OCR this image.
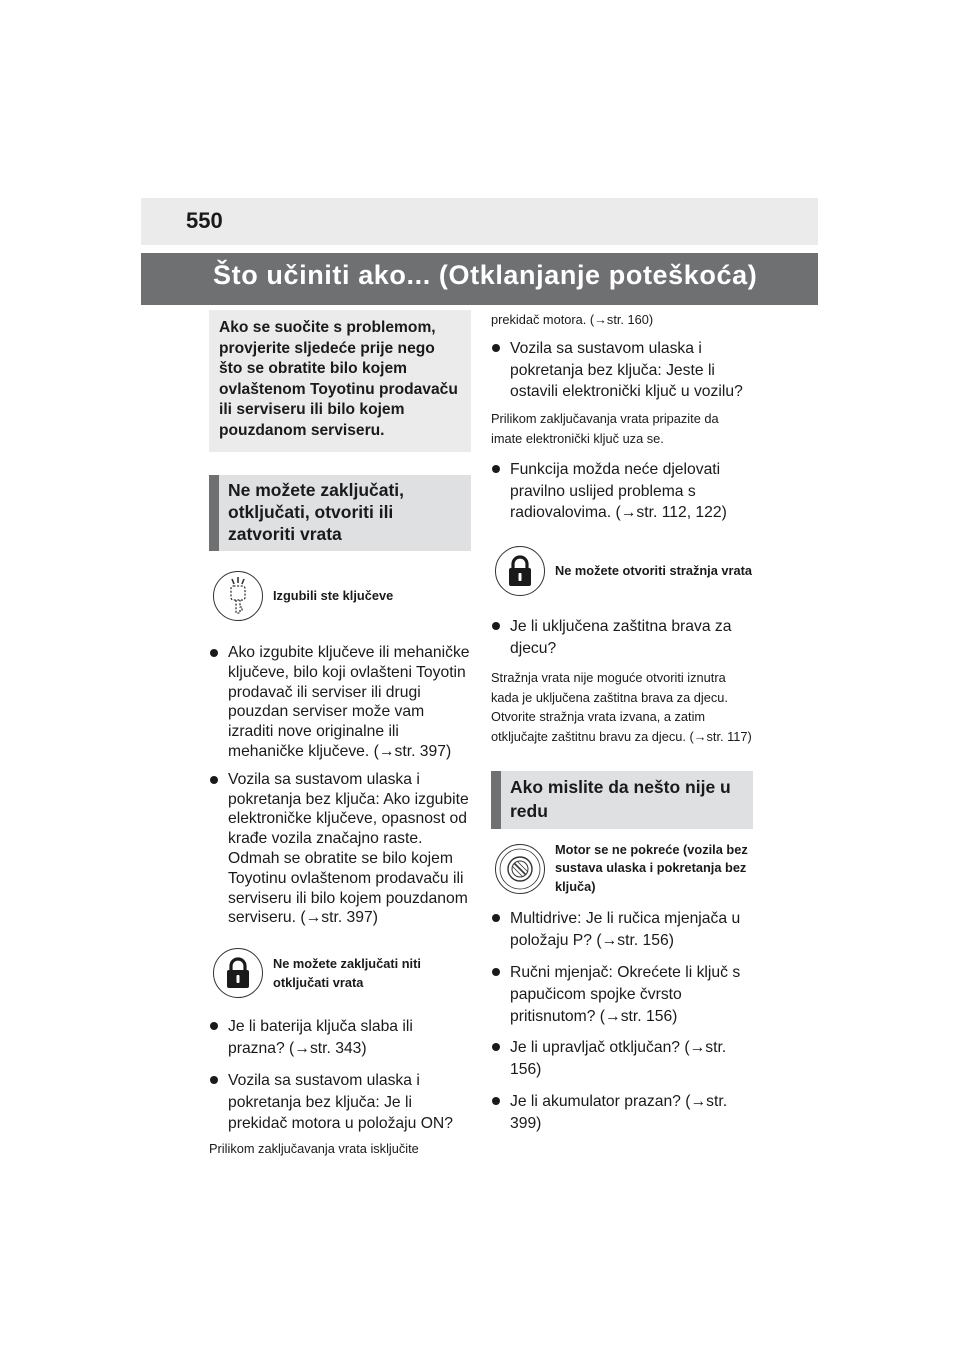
550
Što učiniti ako... (Otklanjanje poteškoća)
Ako se suočite s problemom, provjerite sljedeće prije nego što se obratite bilo kojem ovlaštenom Toyotinu prodavaču ili serviseru ili bilo kojem pouzdanom serviseru.
Ne možete zaključati, otključati, otvoriti ili zatvoriti vrata
Izgubili ste ključeve
Ako izgubite ključeve ili mehaničke ključeve, bilo koji ovlašteni Toyotin prodavač ili serviser ili drugi pouzdan serviser može vam izraditi nove originalne ili mehaničke ključeve. (→str. 397)
Vozila sa sustavom ulaska i pokretanja bez ključa: Ako izgubite elektroničke ključeve, opasnost od krađe vozila značajno raste. Odmah se obratite se bilo kojem Toyotinu ovlaštenom prodavaču ili serviseru ili bilo kojem pouzdanom serviseru. (→str. 397)
Ne možete zaključati niti otključati vrata
Je li baterija ključa slaba ili prazna? (→str. 343)
Vozila sa sustavom ulaska i pokretanja bez ključa: Je li prekidač motora u položaju ON?
Prilikom zaključavanja vrata isključite
prekidač motora. (→str. 160)
Vozila sa sustavom ulaska i pokretanja bez ključa: Jeste li ostavili elektronički ključ u vozilu?
Prilikom zaključavanja vrata pripazite da imate elektronički ključ uza se.
Funkcija možda neće djelovati pravilno uslijed problema s radiovalovima. (→str. 112, 122)
Ne možete otvoriti stražnja vrata
Je li uključena zaštitna brava za djecu?
Stražnja vrata nije moguće otvoriti iznutra kada je uključena zaštitna brava za djecu. Otvorite stražnja vrata izvana, a zatim otključajte zaštitnu bravu za djecu. (→str. 117)
Ako mislite da nešto nije u redu
Motor se ne pokreće (vozila bez sustava ulaska i pokretanja bez ključa)
Multidrive: Je li ručica mjenjača u položaju P? (→str. 156)
Ručni mjenjač: Okrećete li ključ s papučicom spojke čvrsto pritisnutom? (→str. 156)
Je li upravljač otključan? (→str. 156)
Je li akumulator prazan? (→str. 399)
